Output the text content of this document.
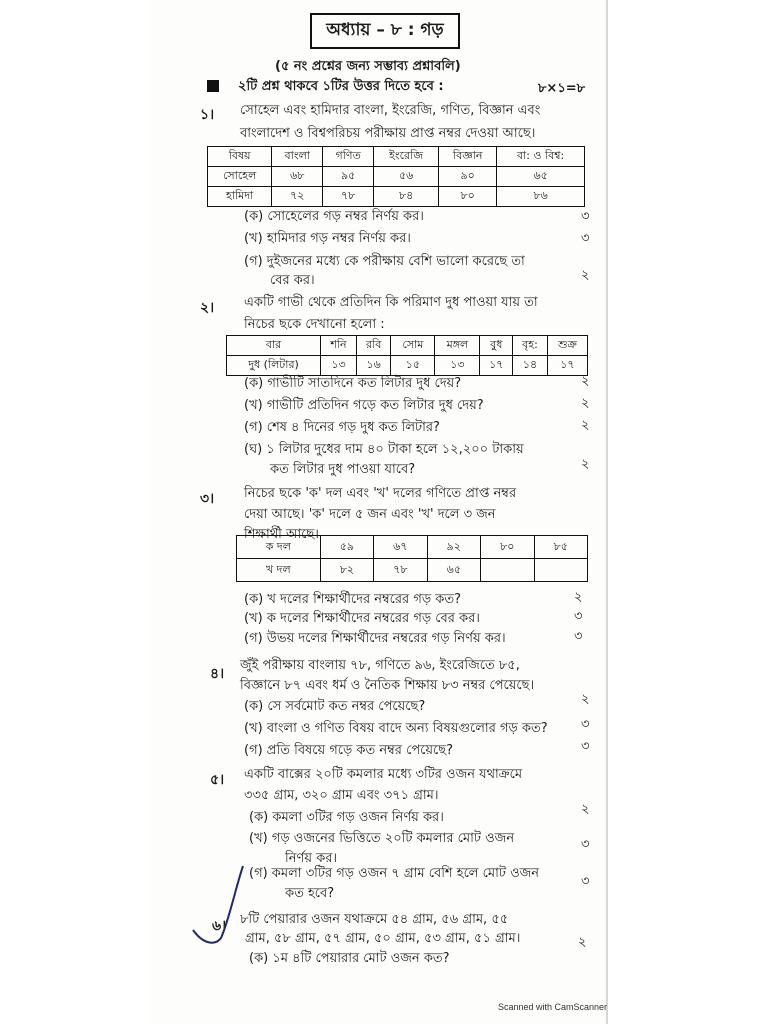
অধ্যায় – ৮ : গড়
(৫ নং প্রশ্নের জন্য সম্ভাব্য প্রশ্নাবলি)
২টি প্রশ্ন থাকবে ১টির উত্তর দিতে হবে :	৮×১=৮
১। সোহেল এবং হামিদার বাংলা, ইংরেজি, গণিত, বিজ্ঞান এবং
বাংলাদেশ ও বিশ্বপরিচয় পরীক্ষায় প্রাপ্ত নম্বর দেওয়া আছে।
বিষয়	বাংলা	গণিত	ইংরেজি	বিজ্ঞান	বা: ও বিশ্ব:
সোহেল	৬৮	৯৫	৫৬	৯০	৬৫
হামিদা	৭২	৭৮	৮৪	৮০	৮৬
(ক) সোহেলের গড় নম্বর নির্ণয় কর।	৩
(খ) হামিদার গড় নম্বর নির্ণয় কর।	৩
(গ) দুইজনের মধ্যে কে পরীক্ষায় বেশি ভালো করেছে তা
বের কর।	২
২। একটি গাভী থেকে প্রতিদিন কি পরিমাণ দুধ পাওয়া যায় তা
নিচের ছকে দেখানো হলো :
বার	শনি	রবি	সোম	মঙ্গল	বুধ	বৃহ:	শুক্র
দুধ (লিটার)	১৩	১৬	১৫	১৩	১৭	১৪	১৭
(ক) গাভীটি সাতদিনে কত লিটার দুধ দেয়?	২
(খ) গাভীটি প্রতিদিন গড়ে কত লিটার দুধ দেয়?	২
(গ) শেষ ৪ দিনের গড় দুধ কত লিটার?	২
(ঘ) ১ লিটার দুধের দাম ৪০ টাকা হলে ১২,২০০ টাকায়
কত লিটার দুধ পাওয়া যাবে?	২
৩। নিচের ছকে 'ক' দল এবং 'খ' দলের গণিতে প্রাপ্ত নম্বর
দেয়া আছে। 'ক' দলে ৫ জন এবং 'খ' দলে ৩ জন
শিক্ষার্থী আছে।
ক দল	৫৯	৬৭	৯২	৮০	৮৫
খ দল	৮২	৭৮	৬৫		
(ক) খ দলের শিক্ষার্থীদের নম্বরের গড় কত?	২
(খ) ক দলের শিক্ষার্থীদের নম্বরের গড় বের কর।	৩
(গ) উভয় দলের শিক্ষার্থীদের নম্বরের গড় নির্ণয় কর।	৩
৪।
জুঁই পরীক্ষায় বাংলায় ৭৮, গণিতে ৯৬, ইংরেজিতে ৮৫,
বিজ্ঞানে ৮৭ এবং ধর্ম ও নৈতিক শিক্ষায় ৮৩ নম্বর পেয়েছে।
(ক) সে সর্বমোট কত নম্বর পেয়েছে?	২
(খ) বাংলা ও গণিত বিষয় বাদে অন্য বিষয়গুলোর গড় কত?	৩
(গ) প্রতি বিষয়ে গড়ে কত নম্বর পেয়েছে?	৩
৫। একটি বাক্সের ২০টি কমলার মধ্যে ৩টির ওজন যথাক্রমে
৩৩৫ গ্রাম, ৩২০ গ্রাম এবং ৩৭১ গ্রাম।
(ক) কমলা ৩টির গড় ওজন নির্ণয় কর।
২
(খ) গড় ওজনের ভিত্তিতে ২০টি কমলার মোট ওজন
নির্ণয় কর।
৩
(গ) কমলা ৩টির গড় ওজন ৭ গ্রাম বেশি হলে মোট ওজন
কত হবে?
৩
৬। ৮টি পেয়ারার ওজন যথাক্রমে ৫৪ গ্রাম, ৫৬ গ্রাম, ৫৫
গ্রাম, ৫৮ গ্রাম, ৫৭ গ্রাম, ৫০ গ্রাম, ৫৩ গ্রাম, ৫১ গ্রাম।
(ক) ১ম ৪টি পেয়ারার মোট ওজন কত?
২
Scanned with CamScanner
